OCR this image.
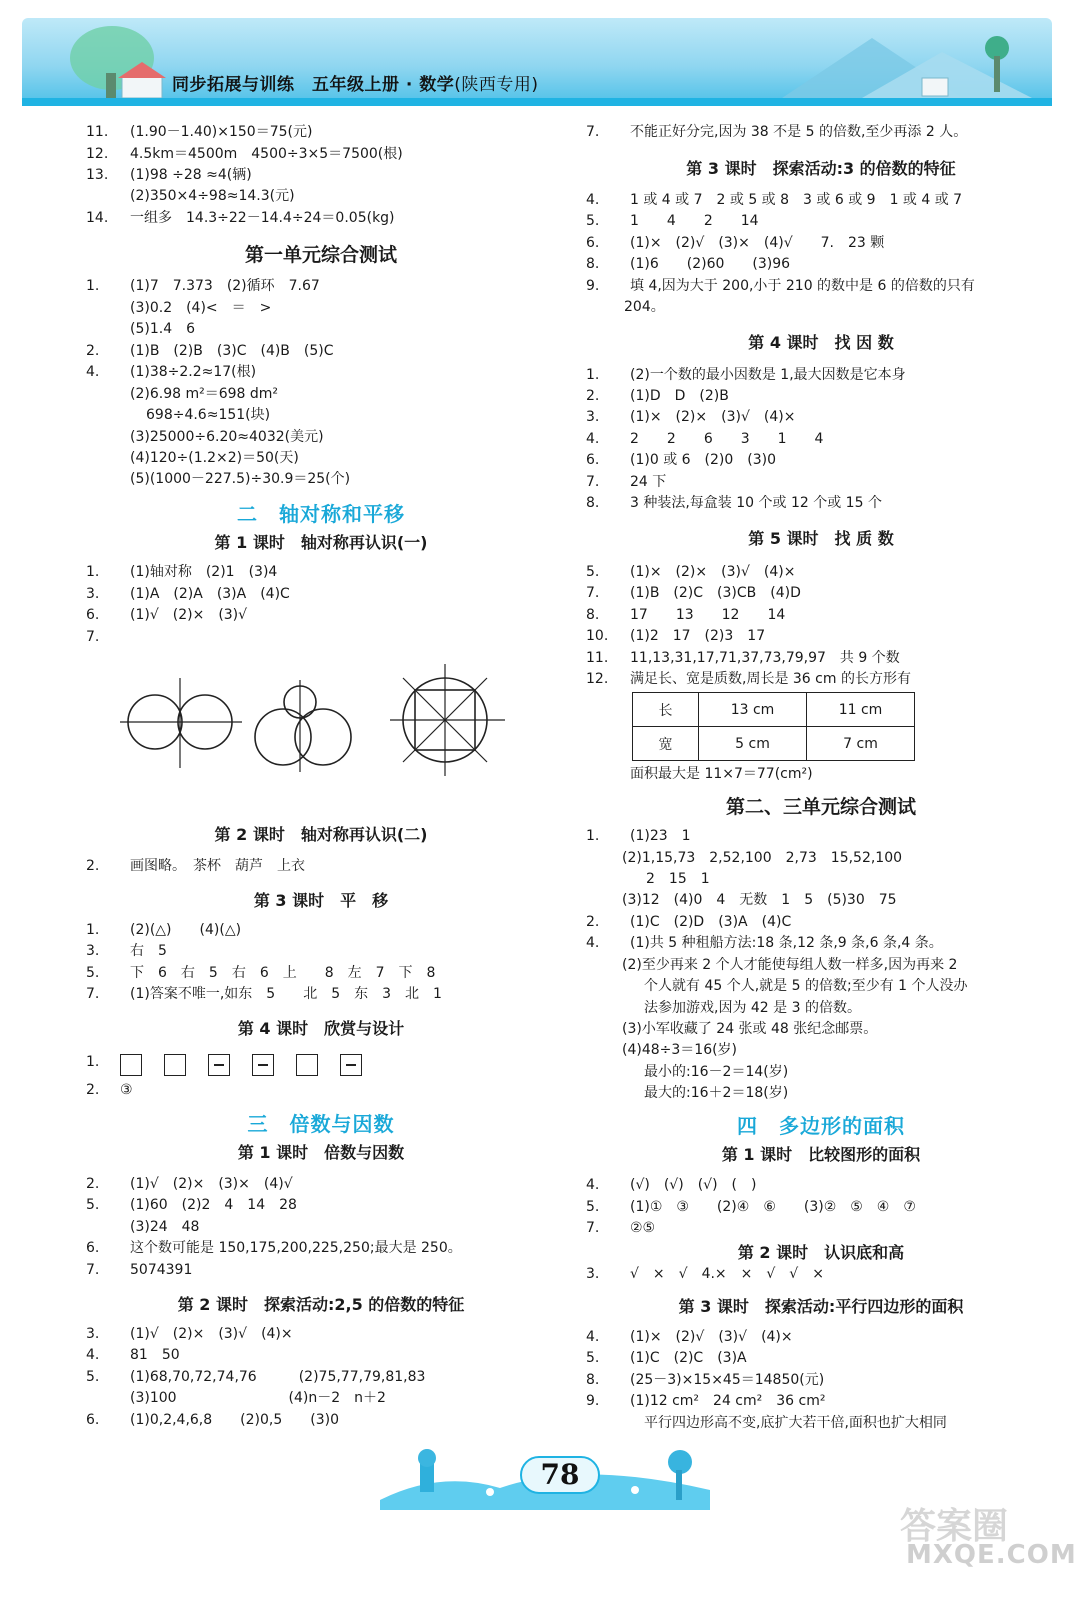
同步拓展与训练　五年级上册 · 数学(陕西专用)
11.	(1.90－1.40)×150＝75(元)
12.	4.5km＝4500m　4500÷3×5＝7500(根)
13.	(1)98 ÷28 ≈4(辆)
(2)350×4÷98≈14.3(元)
14.	一组多　14.3÷22－14.4÷24＝0.05(kg)
第一单元综合测试
1.	(1)7　7.373　(2)循环　7.67
(3)0.2　(4)<　＝　>
(5)1.4　6
2.	(1)B　(2)B　(3)C　(4)B　(5)C
4.	(1)38÷2.2≈17(根)
(2)6.98 m²＝698 dm²
698÷4.6≈151(块)
(3)25000÷6.20≈4032(美元)
(4)120÷(1.2×2)＝50(天)
(5)(1000－227.5)÷30.9＝25(个)
二　轴对称和平移
第 1 课时　轴对称再认识(一)
1.	(1)轴对称　(2)1　(3)4
3.	(1)A　(2)A　(3)A　(4)C
6.	(1)√　(2)×　(3)√
7.
第 2 课时　轴对称再认识(二)
2.	画图略。　茶杯　葫芦　上衣
第 3 课时　平　移
1.	(2)(△)　　(4)(△)
3.	右　5
5.	下　6　右　5　右　6　上　　8　左　7　下　8
7.	(1)答案不唯一,如东　5　　北　5　东　3　北　1
第 4 课时　欣赏与设计
1.
2.	③
三　倍数与因数
第 1 课时　倍数与因数
2.	(1)√　(2)×　(3)×　(4)√
5.	(1)60　(2)2　4　14　28
(3)24　48
6.	这个数可能是 150,175,200,225,250;最大是 250。
7.	5074391
第 2 课时　探索活动:2,5 的倍数的特征
3.	(1)√　(2)×　(3)√　(4)×
4.	81　50
5.	(1)68,70,72,74,76　　　(2)75,77,79,81,83
(3)100　　　　　　　　(4)n－2　n＋2
6.	(1)0,2,4,6,8　　(2)0,5　　(3)0
7.	不能正好分完,因为 38 不是 5 的倍数,至少再添 2 人。
第 3 课时　探索活动:3 的倍数的特征
4.	1 或 4 或 7　2 或 5 或 8　3 或 6 或 9　1 或 4 或 7
5.	1　　4　　2　　14
6.	(1)×　(2)√　(3)×　(4)√　　7.　23 颗
8.	(1)6　　(2)60　　(3)96
9.	填 4,因为大于 200,小于 210 的数中是 6 的倍数的只有
204。
第 4 课时　找 因 数
1.	(2)一个数的最小因数是 1,最大因数是它本身
2.	(1)D　D　(2)B
3.	(1)×　(2)×　(3)√　(4)×
4.	2　　2　　6　　3　　1　　4
6.	(1)0 或 6　(2)0　(3)0
7.	24 下
8.	3 种装法,每盒装 10 个或 12 个或 15 个
第 5 课时　找 质 数
5.	(1)×　(2)×　(3)√　(4)×
7.	(1)B　(2)C　(3)CB　(4)D
8.	17　　13　　12　　14
10.	(1)2　17　(2)3　17
11.	11,13,31,17,71,37,73,79,97　共 9 个数
12.	满足长、宽是质数,周长是 36 cm 的长方形有
面积最大是 11×7＝77(cm²)
第二、三单元综合测试
1.	(1)23　1
(2)1,15,73　2,52,100　2,73　15,52,100
2　15　1
(3)12　(4)0　4　无数　1　5　(5)30　75
2.	(1)C　(2)D　(3)A　(4)C
4.	(1)共 5 种租船方法:18 条,12 条,9 条,6 条,4 条。
(2)至少再来 2 个人才能使每组人数一样多,因为再来 2
个人就有 45 个人,就是 5 的倍数;至少有 1 个人没办
法参加游戏,因为 42 是 3 的倍数。
(3)小军收藏了 24 张或 48 张纪念邮票。
(4)48÷3＝16(岁)
最小的:16－2＝14(岁)
最大的:16＋2＝18(岁)
四　多边形的面积
第 1 课时　比较图形的面积
4.	(√)　(√)　(√)　(　)
5.	(1)①　③　　(2)④　⑥　　(3)②　⑤　④　⑦
7.	②⑤
第 2 课时　认识底和高
3.	√　×　√　4.×　×　√　√　×
第 3 课时　探索活动:平行四边形的面积
4.	(1)×　(2)√　(3)√　(4)×
5.	(1)C　(2)C　(3)A
8.	(25－3)×15×45＝14850(元)
9.	(1)12 cm²　24 cm²　36 cm²
平行四边形高不变,底扩大若干倍,面积也扩大相同
长	13 cm	11 cm
宽	5 cm	7 cm
78
答案圈
MXQE.COM
